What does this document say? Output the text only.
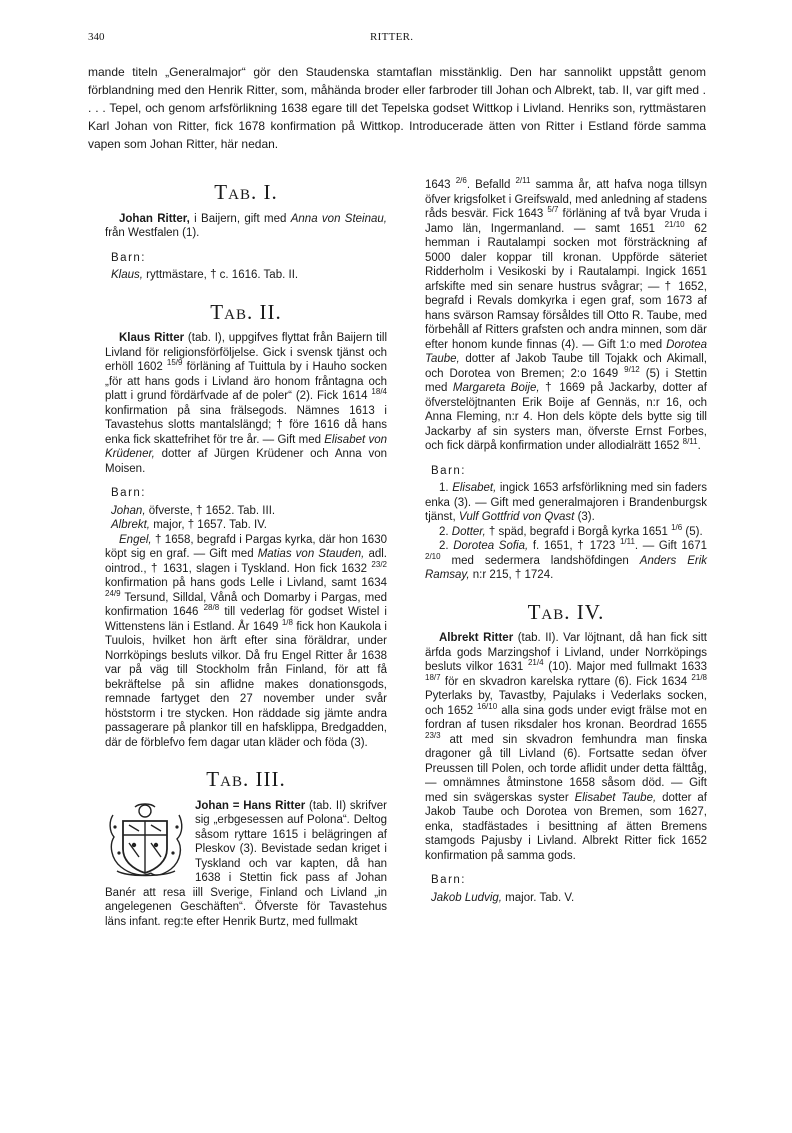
340	RITTER.

mande titeln „Generalmajor“ gör den Staudenska stamtaflan misstänklig. Den har sannolikt uppstått genom förblandning med den Henrik Ritter, som, måhända broder eller farbroder till Johan och Albrekt, tab. II, var gift med . . . . Tepel, och genom arfsförlikning 1638 egare till det Tepelska godset Wittkop i Livland. Henriks son, ryttmästaren Karl Johan von Ritter, fick 1678 konfirmation på Wittkop. Introducerade ätten von Ritter i Estland förde samma vapen som Johan Ritter, här nedan.

Tab. I.

Johan Ritter, i Baijern, gift med Anna von Steinau, från Westfalen (1).

Barn:

Klaus, ryttmästare, † c. 1616. Tab. II.

Tab. II.

Klaus Ritter (tab. I), uppgifves flyttat från Baijern till Livland för religionsförföljelse. Gick i svensk tjänst och erhöll 1602 $^{15/9}$ förläning af Tuittula by i Hauho socken „för att hans gods i Livland äro honom fråntagna och platt i grund fördärfvade af de poler“ (2). Fick 1614 $^{18/4}$ konfirmation på sina frälsegods. Nämnes 1613 i Tavastehus slotts mantalslängd; † före 1616 då hans enka fick skattefrihet för tre år. — Gift med Elisabet von Krüdener, dotter af Jürgen Krüdener och Anna von Moisen.

Barn:

Johan, öfverste, † 1652. Tab. III.

Albrekt, major, † 1657. Tab. IV.

Engel, † 1658, begrafd i Pargas kyrka, där hon 1630 köpt sig en graf. — Gift med Matias von Stauden, adl. ointrod., † 1631, slagen i Tyskland. Hon fick 1632 $^{23/2}$ konfirmation på hans gods Lelle i Livland, samt 1634 $^{24/9}$ Tersund, Silldal, Vånå och Domarby i Pargas, med konfirmation 1646 $^{28/8}$ till vederlag för godset Wistel i Wittenstens län i Estland. År 1649 $^{1/8}$ fick hon Kaukola i Tuulois, hvilket hon ärft efter sina föräldrar, under Norrköpings besluts vilkor. Då fru Engel Ritter år 1638 var på väg till Stockholm från Finland, för att få bekräftelse på sin aflidne makes donationsgods, remnade fartyget den 27 november under svår höststorm i tre stycken. Hon räddade sig jämte andra passagerare på plankor till en hafsklippa, Bredgadden, där de förblefvo fem dagar utan kläder och föda (3).

Tab. III.

Johan = Hans Ritter (tab. II) skrifver sig „erbgesessen auf Polona“. Deltog såsom ryttare 1615 i belägringen af Pleskov (3). Bevistade sedan kriget i Tyskland och var kapten, då han 1638 i Stettin fick pass af Johan Banér att resa iill Sverige, Finland och Livland „in angelegenen Geschäften“. Öfverste för Tavastehus läns infant. reg:te efter Henrik Burtz, med fullmakt

1643 $^{2/6}$. Befalld $^{2/11}$ samma år, att hafva noga tillsyn öfver krigsfolket i Greifswald, med anledning af stadens råds besvär. Fick 1643 $^{5/7}$ förläning af två byar Vruda i Jamo län, Ingermanland. — samt 1651 $^{21/10}$ 62 hemman i Rautalampi socken mot försträckning af 5000 daler koppar till kronan. Uppförde säteriet Ridderholm i Vesikoski by i Rautalampi. Ingick 1651 arfskifte med sin senare hustrus svågrar; — † 1652, begrafd i Revals domkyrka i egen graf, som 1673 af hans svärson Ramsay försåldes till Otto R. Taube, med förbehåll af Ritters grafsten och andra minnen, som där efter honom kunde finnas (4). — Gift 1:o med Dorotea Taube, dotter af Jakob Taube till Tojakk och Akimall, och Dorotea von Bremen; 2:o 1649 $^{9/12}$ (5) i Stettin med Margareta Boije, † 1669 på Jackarby, dotter af öfverstelöjtnanten Erik Boije af Gennäs, n:r 16, och Anna Fleming, n:r 4. Hon dels köpte dels bytte sig till Jackarby af sin systers man, öfverste Ernst Forbes, och fick därpå konfirmation under allodialrätt 1652 $^{8/11}$.

Barn:

1. Elisabet, ingick 1653 arfsförlikning med sin faders enka (3). — Gift med generalmajoren i Brandenburgsk tjänst, Vulf Gottfrid von Qvast (3).

2. Dotter, † späd, begrafd i Borgå kyrka 1651 $^{1/6}$ (5).

2. Dorotea Sofia, f. 1651, † 1723 $^{1/11}$. — Gift 1671 $^{2/10}$ med sedermera landshöfdingen Anders Erik Ramsay, n:r 215, † 1724.

Tab. IV.

Albrekt Ritter (tab. II). Var löjtnant, då han fick sitt ärfda gods Marzingshof i Livland, under Norrköpings besluts vilkor 1631 $^{21/4}$ (10). Major med fullmakt 1633 $^{18/7}$ för en skvadron karelska ryttare (6). Fick 1634 $^{21/8}$ Pyterlaks by, Tavastby, Pajulaks i Vederlaks socken, och 1652 $^{16/10}$ alla sina gods under evigt frälse mot en fordran af tusen riksdaler hos kronan. Beordrad 1655 $^{23/3}$ att med sin skvadron femhundra man finska dragoner gå till Livland (6). Fortsatte sedan öfver Preussen till Polen, och torde aflidit under detta fälttåg, — omnämnes åtminstone 1658 såsom död. — Gift med sin svägerskas syster Elisabet Taube, dotter af Jakob Taube och Dorotea von Bremen, som 1627, enka, stadfästades i besittning af ätten Bremens stamgods Pajusby i Livland. Albrekt Ritter fick 1652 konfirmation på samma gods.

Barn:

Jakob Ludvig, major. Tab. V.
